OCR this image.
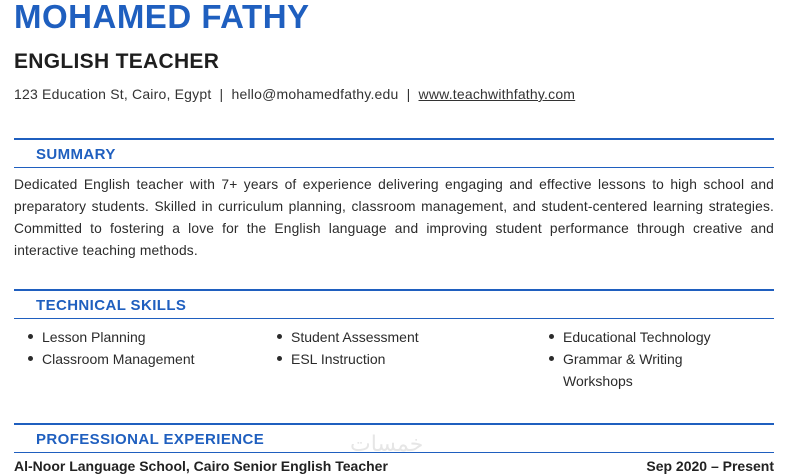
MOHAMED FATHY
ENGLISH TEACHER
123 Education St, Cairo, Egypt | hello@mohamedfathy.edu | www.teachwithfathy.com
SUMMARY

Dedicated English teacher with 7+ years of experience delivering engaging and effective lessons to high school and preparatory students. Skilled in curriculum planning, classroom management, and student-centered learning strategies. Committed to fostering a love for the English language and improving student performance through creative and interactive teaching methods.

TECHNICAL SKILLS
Lesson Planning
Classroom Management
Student Assessment
ESL Instruction
Educational Technology
Grammar & Writing Workshops
PROFESSIONAL EXPERIENCE	خمسات
Al-Noor Language School, Cairo Senior English Teacher	Sep 2020 – Present
